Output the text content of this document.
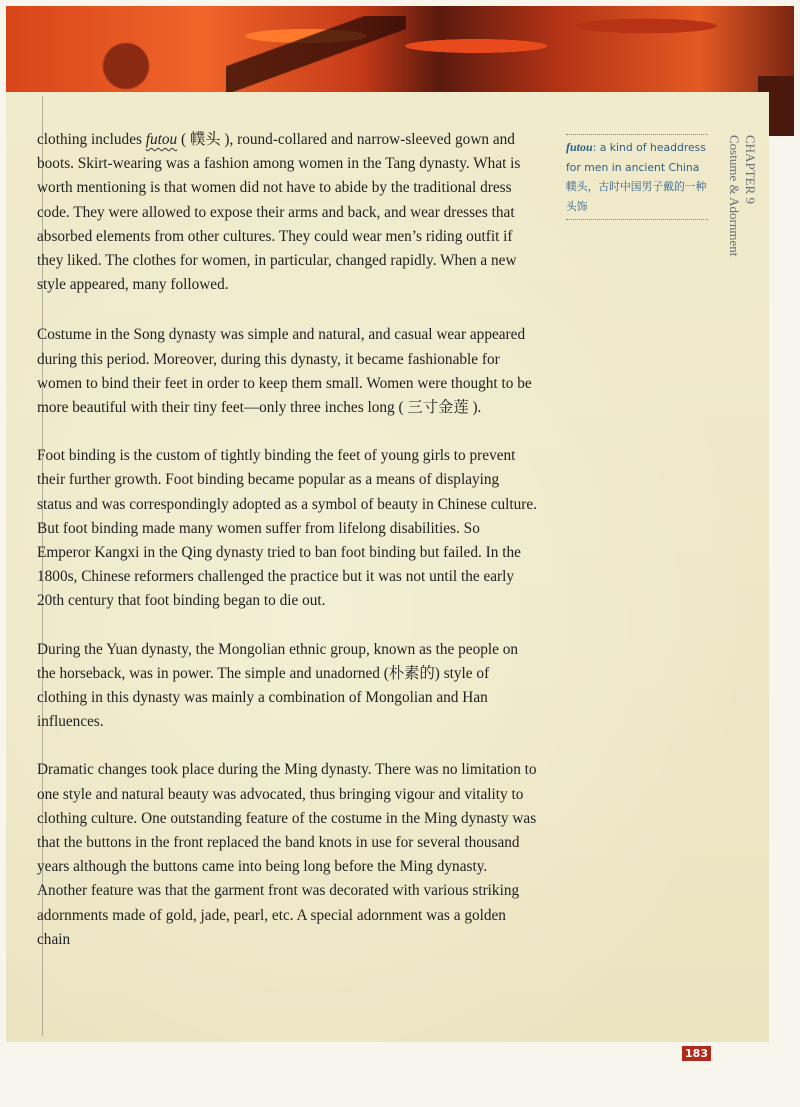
clothing includes futou ( 幞头 ), round-collared and narrow-sleeved gown and boots. Skirt-wearing was a fashion among women in the Tang dynasty. What is worth mentioning is that women did not have to abide by the traditional dress code. They were allowed to expose their arms and back, and wear dresses that absorbed elements from other cultures. They could wear men’s riding outfit if they liked. The clothes for women, in particular, changed rapidly. When a new style appeared, many followed.

Costume in the Song dynasty was simple and natural, and casual wear appeared during this period. Moreover, during this dynasty, it became fashionable for women to bind their feet in order to keep them small. Women were thought to be more beautiful with their tiny feet—only three inches long ( 三寸金莲 ).

Foot binding is the custom of tightly binding the feet of young girls to prevent their further growth. Foot binding became popular as a means of displaying status and was correspondingly adopted as a symbol of beauty in Chinese culture. But foot binding made many women suffer from lifelong disabilities. So Emperor Kangxi in the Qing dynasty tried to ban foot binding but failed. In the 1800s, Chinese reformers challenged the practice but it was not until the early 20th century that foot binding began to die out.

During the Yuan dynasty, the Mongolian ethnic group, known as the people on the horseback, was in power. The simple and unadorned (朴素的) style of clothing in this dynasty was mainly a combination of Mongolian and Han influences.

Dramatic changes took place during the Ming dynasty. There was no limitation to one style and natural beauty was advocated, thus bringing vigour and vitality to clothing culture. One outstanding feature of the costume in the Ming dynasty was that the buttons in the front replaced the band knots in use for several thousand years although the buttons came into being long before the Ming dynasty. Another feature was that the garment front was decorated with various striking adornments made of gold, jade, pearl, etc. A special adornment was a golden chain

futou: a kind of headdress for men in ancient China 幞头，古时中国男子戴的一种头饰
CHAPTER 9
Costume & Adornment
183
